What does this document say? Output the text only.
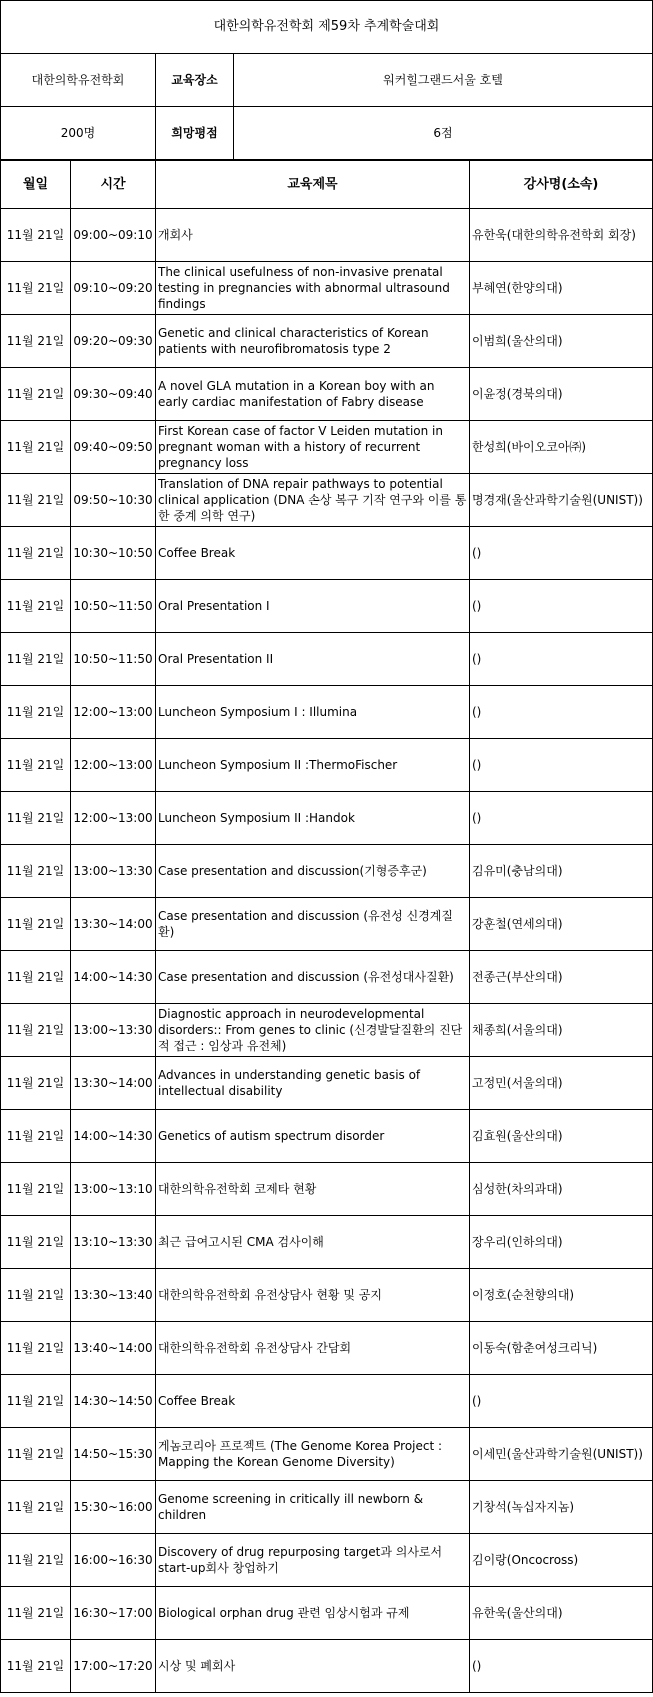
대한의학유전학회 제59차 추계학술대회		
대한의학유전학회	교육장소	워커힐그랜드서울 호텔
200명	희망평점	6점
월일	시간	교육제목	강사명(소속)
11월 21일	09:00~09:10	개회사	유한욱(대한의학유전학회 회장)
11월 21일	09:10~09:20	The clinical usefulness of non-invasive prenatal testing in pregnancies with abnormal ultrasound findings	부혜연(한양의대)
11월 21일	09:20~09:30	Genetic and clinical characteristics of Korean patients with neurofibromatosis type 2	이범희(울산의대)
11월 21일	09:30~09:40	A novel GLA mutation in a Korean boy with an early cardiac manifestation of Fabry disease	이윤정(경북의대)
11월 21일	09:40~09:50	First Korean case of factor V Leiden mutation in pregnant woman with a history of recurrent pregnancy loss	한성희(바이오코아㈜)
11월 21일	09:50~10:30	Translation of DNA repair pathways to potential clinical application (DNA 손상 복구 기작 연구와 이를 통한 중계 의학 연구)	명경재(울산과학기술원(UNIST))
11월 21일	10:30~10:50	Coffee Break	()
11월 21일	10:50~11:50	Oral Presentation I	()
11월 21일	10:50~11:50	Oral Presentation II	()
11월 21일	12:00~13:00	Luncheon Symposium I : Illumina	()
11월 21일	12:00~13:00	Luncheon Symposium II :ThermoFischer	()
11월 21일	12:00~13:00	Luncheon Symposium II :Handok	()
11월 21일	13:00~13:30	Case presentation and discussion(기형증후군)	김유미(충남의대)
11월 21일	13:30~14:00	Case presentation and discussion (유전성 신경계질환)	강훈철(연세의대)
11월 21일	14:00~14:30	Case presentation and discussion (유전성대사질환)	전종근(부산의대)
11월 21일	13:00~13:30	Diagnostic approach in neurodevelopmental disorders:: From genes to clinic (신경발달질환의 진단적 접근 : 임상과 유전체)	채종희(서울의대)
11월 21일	13:30~14:00	Advances in understanding genetic basis of intellectual disability	고정민(서울의대)
11월 21일	14:00~14:30	Genetics of autism spectrum disorder	김효원(울산의대)
11월 21일	13:00~13:10	대한의학유전학회 코제타 현황	심성한(차의과대)
11월 21일	13:10~13:30	최근 급여고시된 CMA 검사이해	장우리(인하의대)
11월 21일	13:30~13:40	대한의학유전학회 유전상담사 현황 및 공지	이정호(순천향의대)
11월 21일	13:40~14:00	대한의학유전학회 유전상담사 간담회	이동숙(함춘여성크리닉)
11월 21일	14:30~14:50	Coffee Break	()
11월 21일	14:50~15:30	게놈코리아 프로젝트 (The Genome Korea Project : Mapping the Korean Genome Diversity)	이세민(울산과학기술원(UNIST))
11월 21일	15:30~16:00	Genome screening in critically ill newborn & children	기창석(녹십자지놈)
11월 21일	16:00~16:30	Discovery of drug repurposing target과 의사로서 start-up회사 창업하기	김이랑(Oncocross)
11월 21일	16:30~17:00	Biological orphan drug 관련 임상시험과 규제	유한욱(울산의대)
11월 21일	17:00~17:20	시상 및 폐회사	()
